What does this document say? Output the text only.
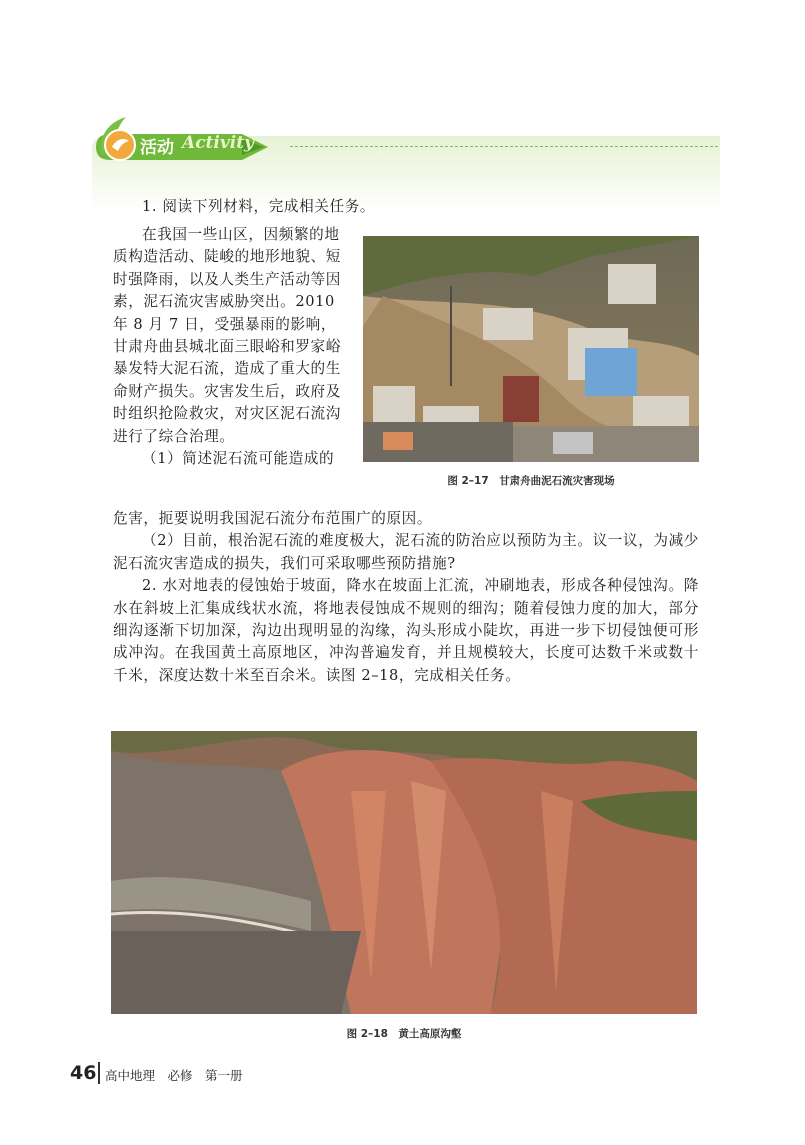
活动 Activity

1. 阅读下列材料，完成相关任务。

在我国一些山区，因频繁的地质构造活动、陡峻的地形地貌、短时强降雨，以及人类生产活动等因素，泥石流灾害威胁突出。2010 年 8 月 7 日，受强暴雨的影响，甘肃舟曲县城北面三眼峪和罗家峪暴发特大泥石流，造成了重大的生命财产损失。灾害发生后，政府及时组织抢险救灾，对灾区泥石流沟进行了综合治理。

（1）简述泥石流可能造成的

图 2–17　甘肃舟曲泥石流灾害现场

危害，扼要说明我国泥石流分布范围广的原因。

（2）目前，根治泥石流的难度极大，泥石流的防治应以预防为主。议一议，为减少泥石流灾害造成的损失，我们可采取哪些预防措施?

2. 水对地表的侵蚀始于坡面，降水在坡面上汇流，冲刷地表，形成各种侵蚀沟。降水在斜坡上汇集成线状水流，将地表侵蚀成不规则的细沟；随着侵蚀力度的加大，部分细沟逐渐下切加深，沟边出现明显的沟缘，沟头形成小陡坎，再进一步下切侵蚀便可形成冲沟。在我国黄土高原地区，冲沟普遍发育，并且规模较大，长度可达数千米或数十千米，深度达数十米至百余米。读图 2–18，完成相关任务。

图 2–18　黄土高原沟壑
46 高中地理　必修　第一册
